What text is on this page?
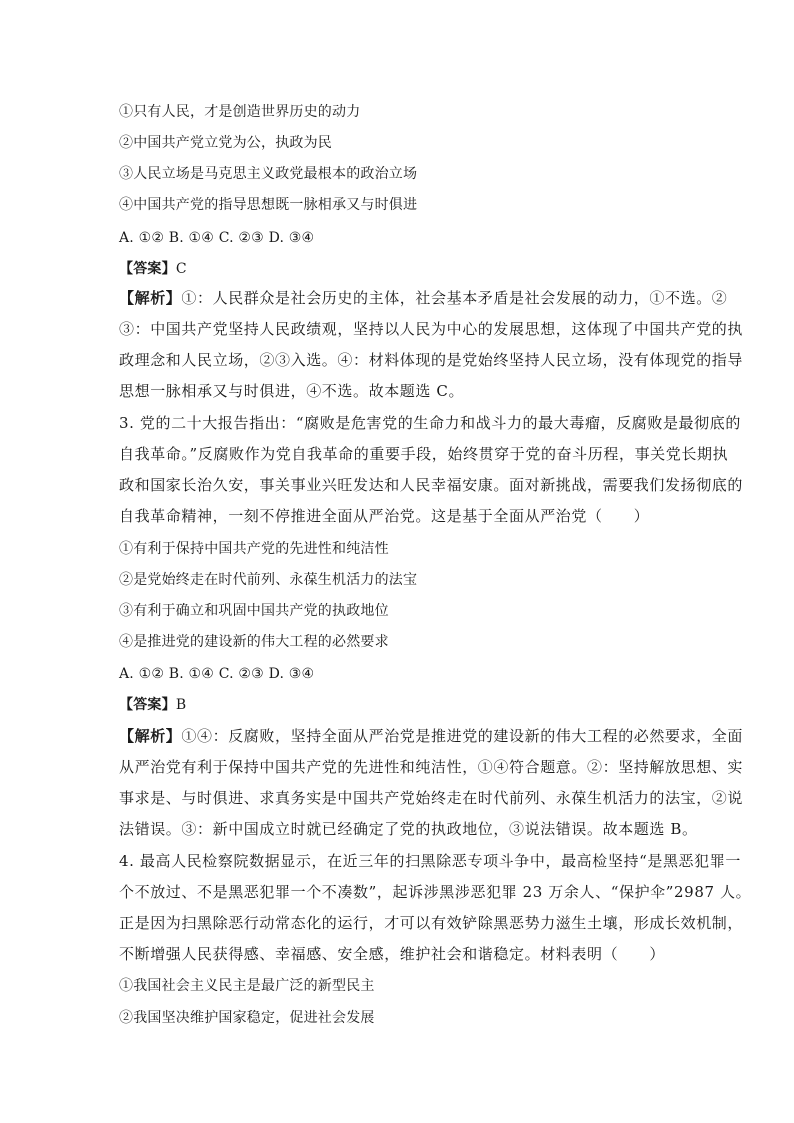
①只有人民，才是创造世界历史的动力
②中国共产党立党为公，执政为民
③人民立场是马克思主义政党最根本的政治立场
④中国共产党的指导思想既一脉相承又与时俱进
A. ①② B. ①④ C. ②③ D. ③④
【答案】C
【解析】①：人民群众是社会历史的主体，社会基本矛盾是社会发展的动力，①不选。②
③：中国共产党坚持人民政绩观，坚持以人民为中心的发展思想，这体现了中国共产党的执
政理念和人民立场，②③入选。④：材料体现的是党始终坚持人民立场，没有体现党的指导
思想一脉相承又与时俱进，④不选。故本题选 C。
3. 党的二十大报告指出：“腐败是危害党的生命力和战斗力的最大毒瘤，反腐败是最彻底的
自我革命。”反腐败作为党自我革命的重要手段，始终贯穿于党的奋斗历程，事关党长期执
政和国家长治久安，事关事业兴旺发达和人民幸福安康。面对新挑战，需要我们发扬彻底的
自我革命精神，一刻不停推进全面从严治党。这是基于全面从严治党（　　）
①有利于保持中国共产党的先进性和纯洁性
②是党始终走在时代前列、永葆生机活力的法宝
③有利于确立和巩固中国共产党的执政地位
④是推进党的建设新的伟大工程的必然要求
A. ①② B. ①④ C. ②③ D. ③④
【答案】B
【解析】①④：反腐败，坚持全面从严治党是推进党的建设新的伟大工程的必然要求，全面
从严治党有利于保持中国共产党的先进性和纯洁性，①④符合题意。②：坚持解放思想、实
事求是、与时俱进、求真务实是中国共产党始终走在时代前列、永葆生机活力的法宝，②说
法错误。③：新中国成立时就已经确定了党的执政地位，③说法错误。故本题选 B。
4. 最高人民检察院数据显示，在近三年的扫黑除恶专项斗争中，最高检坚持“是黑恶犯罪一
个不放过、不是黑恶犯罪一个不凑数”，起诉涉黑涉恶犯罪 23 万余人、“保护伞”2987 人。
正是因为扫黑除恶行动常态化的运行，才可以有效铲除黑恶势力滋生土壤，形成长效机制，
不断增强人民获得感、幸福感、安全感，维护社会和谐稳定。材料表明（　　）
①我国社会主义民主是最广泛的新型民主
②我国坚决维护国家稳定，促进社会发展
